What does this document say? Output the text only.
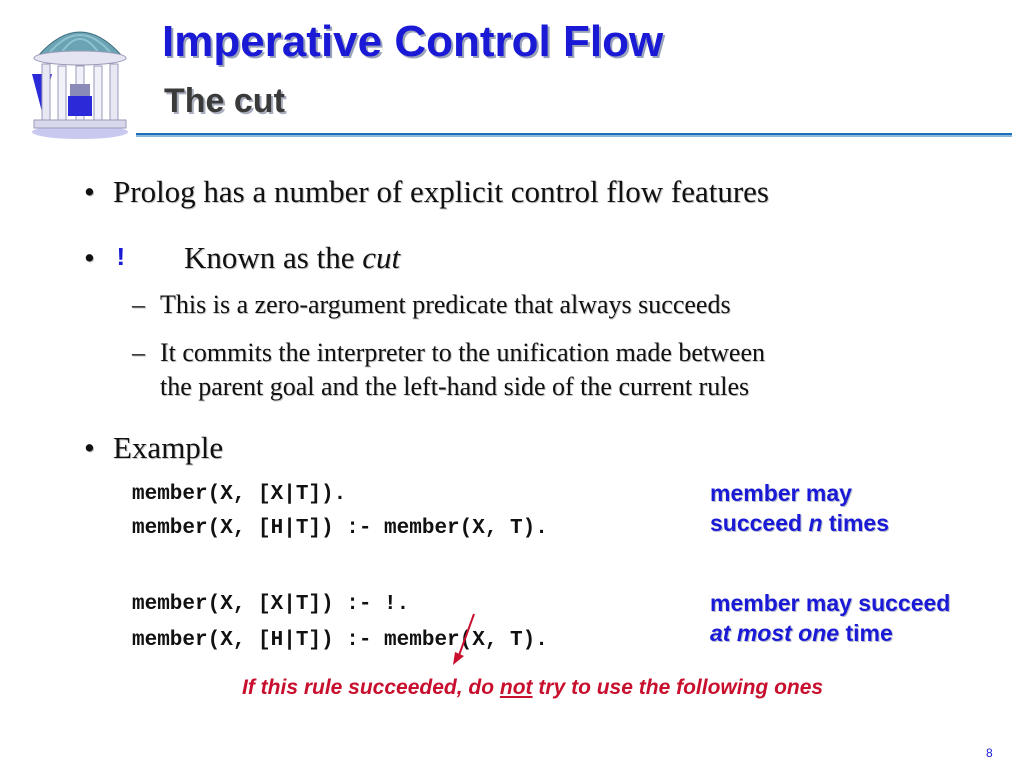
Imperative Control Flow
The cut
• Prolog has a number of explicit control flow features
• ! Known as the cut
– This is a zero-argument predicate that always succeeds
– It commits the interpreter to the unification made between
the parent goal and the left-hand side of the current rules
• Example
member(X, [X|T]).
member(X, [H|T]) :- member(X, T).
member(X, [X|T]) :- !.
member(X, [H|T]) :- member(X, T).
member may
succeed n times
member may succeed
at most one time
If this rule succeeded, do not try to use the following ones
8
